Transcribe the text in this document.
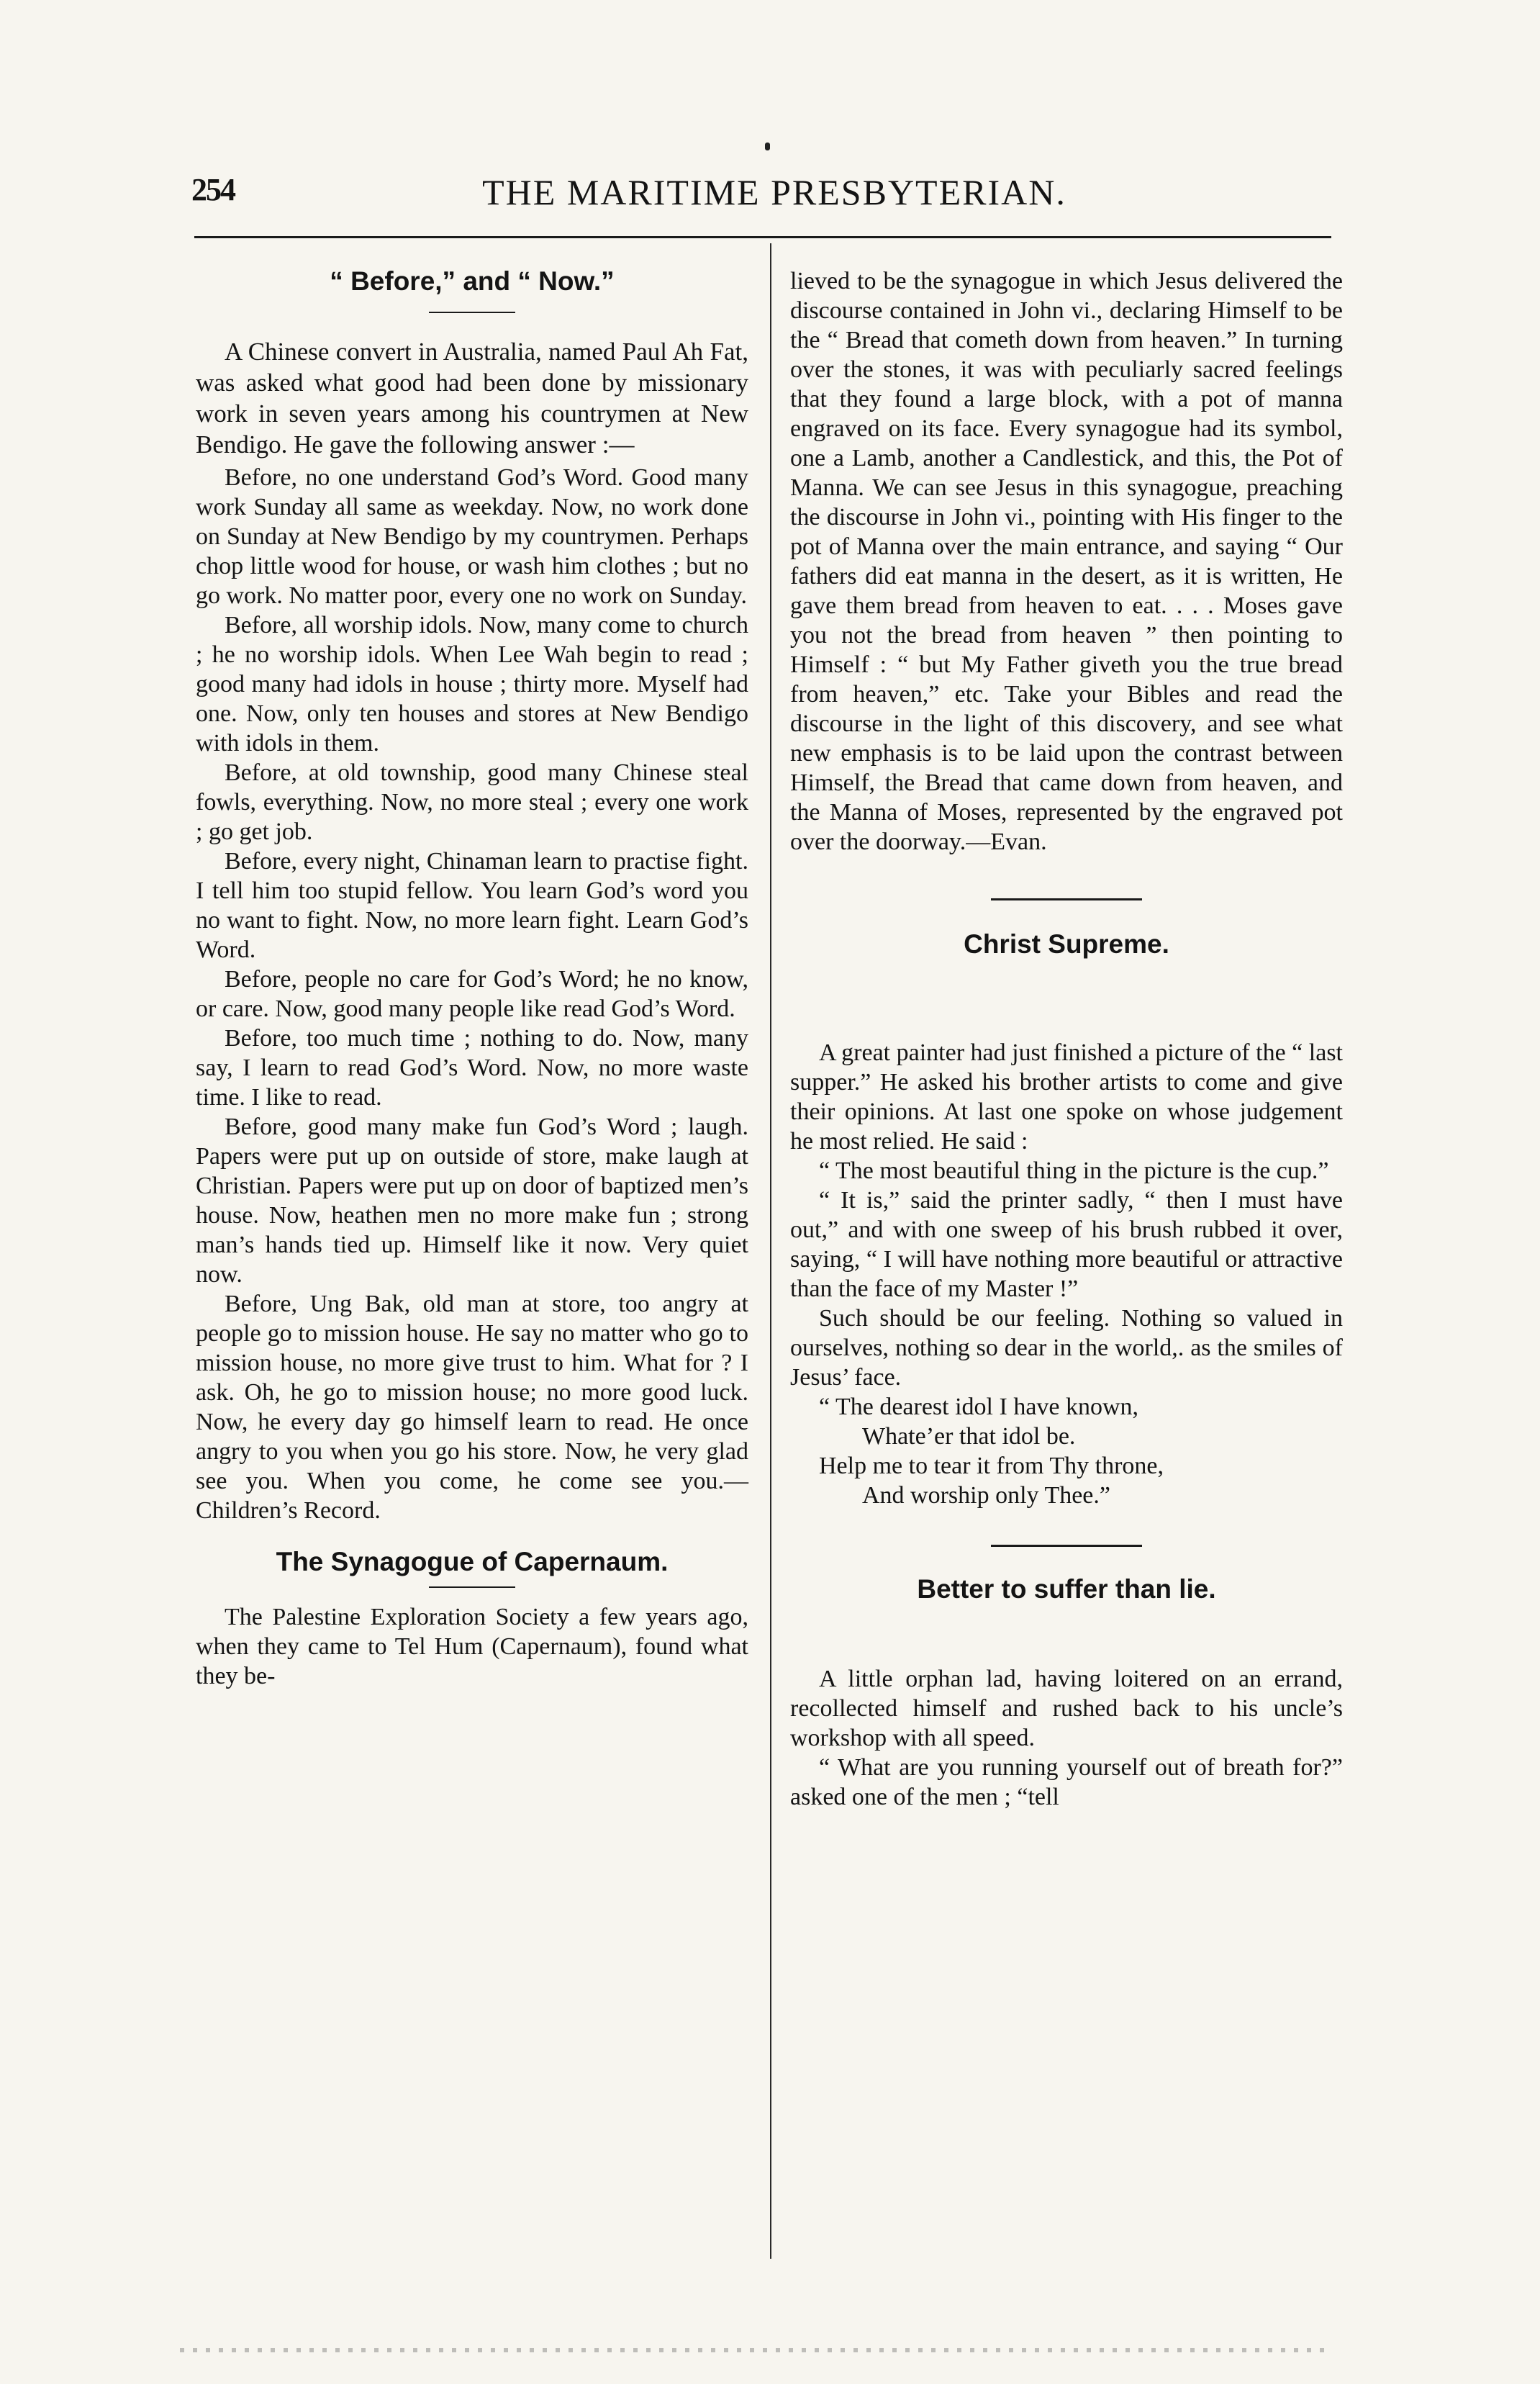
254	THE MARITIME PRESBYTERIAN.
“ Before,” and “ Now.”

A Chinese convert in Australia, named Paul Ah Fat, was asked what good had been done by missionary work in seven years among his countrymen at New Bendigo. He gave the following answer :—

Before, no one understand God’s Word. Good many work Sunday all same as weekday. Now, no work done on Sunday at New Bendigo by my countrymen. Perhaps chop little wood for house, or wash him clothes ; but no go work. No matter poor, every one no work on Sunday.

Before, all worship idols. Now, many come to church ; he no worship idols. When Lee Wah begin to read ; good many had idols in house ; thirty more. Myself had one. Now, only ten houses and stores at New Bendigo with idols in them.

Before, at old township, good many Chinese steal fowls, everything. Now, no more steal ; every one work ; go get job.

Before, every night, Chinaman learn to practise fight. I tell him too stupid fellow. You learn God’s word you no want to fight. Now, no more learn fight. Learn God’s Word.

Before, people no care for God’s Word; he no know, or care. Now, good many people like read God’s Word.

Before, too much time ; nothing to do. Now, many say, I learn to read God’s Word. Now, no more waste time. I like to read.

Before, good many make fun God’s Word ; laugh. Papers were put up on outside of store, make laugh at Christian. Papers were put up on door of baptized men’s house. Now, heathen men no more make fun ; strong man’s hands tied up. Himself like it now. Very quiet now.

Before, Ung Bak, old man at store, too angry at people go to mission house. He say no matter who go to mission house, no more give trust to him. What for ? I ask. Oh, he go to mission house; no more good luck. Now, he every day go himself learn to read. He once angry to you when you go his store. Now, he very glad see you. When you come, he come see you.—Children’s Record.

The Synagogue of Capernaum.

The Palestine Exploration Society a few years ago, when they came to Tel Hum (Capernaum), found what they be-

lieved to be the synagogue in which Jesus delivered the discourse contained in John vi., declaring Himself to be the “ Bread that cometh down from heaven.” In turning over the stones, it was with peculiarly sacred feelings that they found a large block, with a pot of manna engraved on its face. Every synagogue had its symbol, one a Lamb, another a Candlestick, and this, the Pot of Manna. We can see Jesus in this synagogue, preaching the discourse in John vi., pointing with His finger to the pot of Manna over the main entrance, and saying “ Our fathers did eat manna in the desert, as it is written, He gave them bread from heaven to eat. . . . Moses gave you not the bread from heaven ” then pointing to Himself : “ but My Father giveth you the true bread from heaven,” etc. Take your Bibles and read the discourse in the light of this discovery, and see what new emphasis is to be laid upon the contrast between Himself, the Bread that came down from heaven, and the Manna of Moses, represented by the engraved pot over the doorway.—Evan.

Christ Supreme.

A great painter had just finished a picture of the “ last supper.” He asked his brother artists to come and give their opinions. At last one spoke on whose judgement he most relied. He said :

“ The most beautiful thing in the picture is the cup.”

“ It is,” said the printer sadly, “ then I must have out,” and with one sweep of his brush rubbed it over, saying, “ I will have nothing more beautiful or attractive than the face of my Master !”

Such should be our feeling. Nothing so valued in ourselves, nothing so dear in the world,. as the smiles of Jesus’ face.

“ The dearest idol I have known,
Whate’er that idol be.
Help me to tear it from Thy throne,
And worship only Thee.”
Better to suffer than lie.

A little orphan lad, having loitered on an errand, recollected himself and rushed back to his uncle’s workshop with all speed.

“ What are you running yourself out of breath for?” asked one of the men ; “tell
